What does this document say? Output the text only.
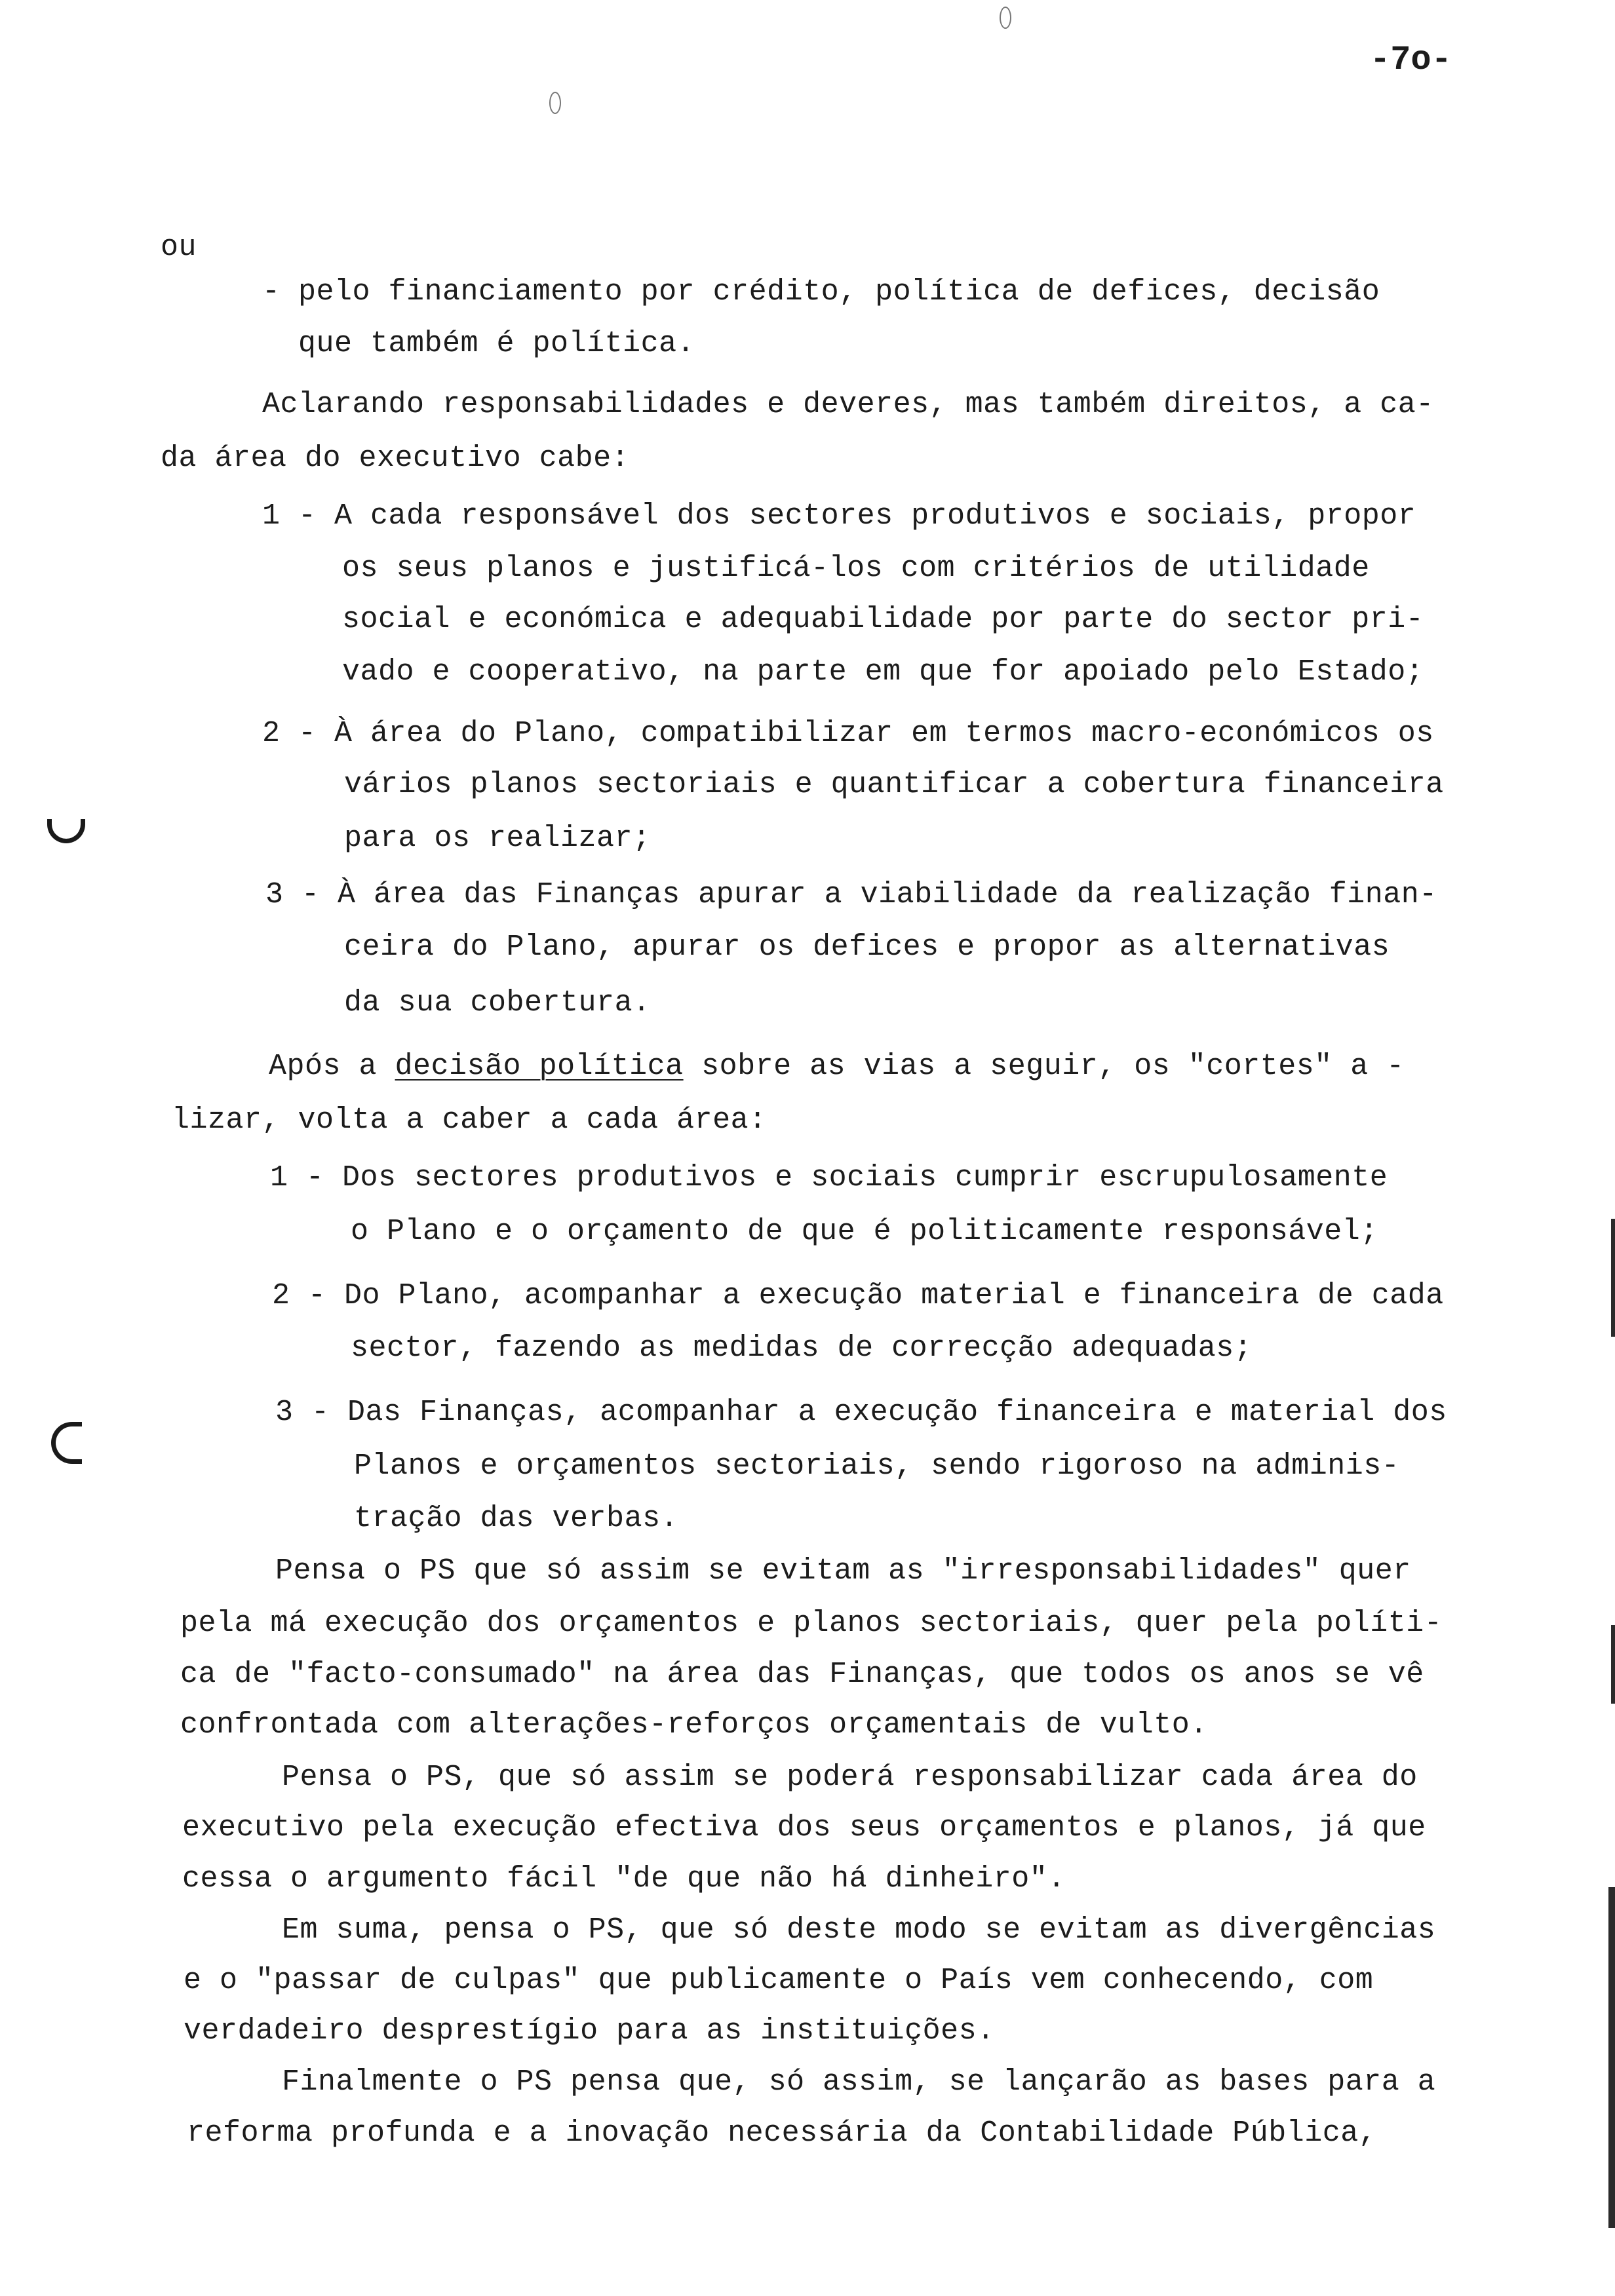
-7o-
ou
- pelo financiamento por crédito, política de defices, decisão
que também é política.
Aclarando responsabilidades e deveres, mas também direitos, a ca-
da área do executivo cabe:
1 - A cada responsável dos sectores produtivos e sociais, propor
os seus planos e justificá-los com critérios de utilidade
social e económica e adequabilidade por parte do sector pri-
vado e cooperativo, na parte em que for apoiado pelo Estado;
2 - À área do Plano, compatibilizar em termos macro-económicos os
vários planos sectoriais e quantificar a cobertura financeira
para os realizar;
3 - À área das Finanças apurar a viabilidade da realização finan-
ceira do Plano, apurar os defices e propor as alternativas
da sua cobertura.
Após a decisão política sobre as vias a seguir, os "cortes" a -
lizar, volta a caber a cada área:
1 - Dos sectores produtivos e sociais cumprir escrupulosamente
o Plano e o orçamento de que é politicamente responsável;
2 - Do Plano, acompanhar a execução material e financeira de cada
sector, fazendo as medidas de correcção adequadas;
3 - Das Finanças, acompanhar a execução financeira e material dos
Planos e orçamentos sectoriais, sendo rigoroso na adminis-
tração das verbas.
Pensa o PS que só assim se evitam as "irresponsabilidades" quer
pela má execução dos orçamentos e planos sectoriais, quer pela políti-
ca de "facto-consumado" na área das Finanças, que todos os anos se vê
confrontada com alterações-reforços orçamentais de vulto.
Pensa o PS, que só assim se poderá responsabilizar cada área do
executivo pela execução efectiva dos seus orçamentos e planos, já que
cessa o argumento fácil "de que não há dinheiro".
Em suma, pensa o PS, que só deste modo se evitam as divergências
e o "passar de culpas" que publicamente o País vem conhecendo, com
verdadeiro desprestígio para as instituições.
Finalmente o PS pensa que, só assim, se lançarão as bases para a
reforma profunda e a inovação necessária da Contabilidade Pública,
